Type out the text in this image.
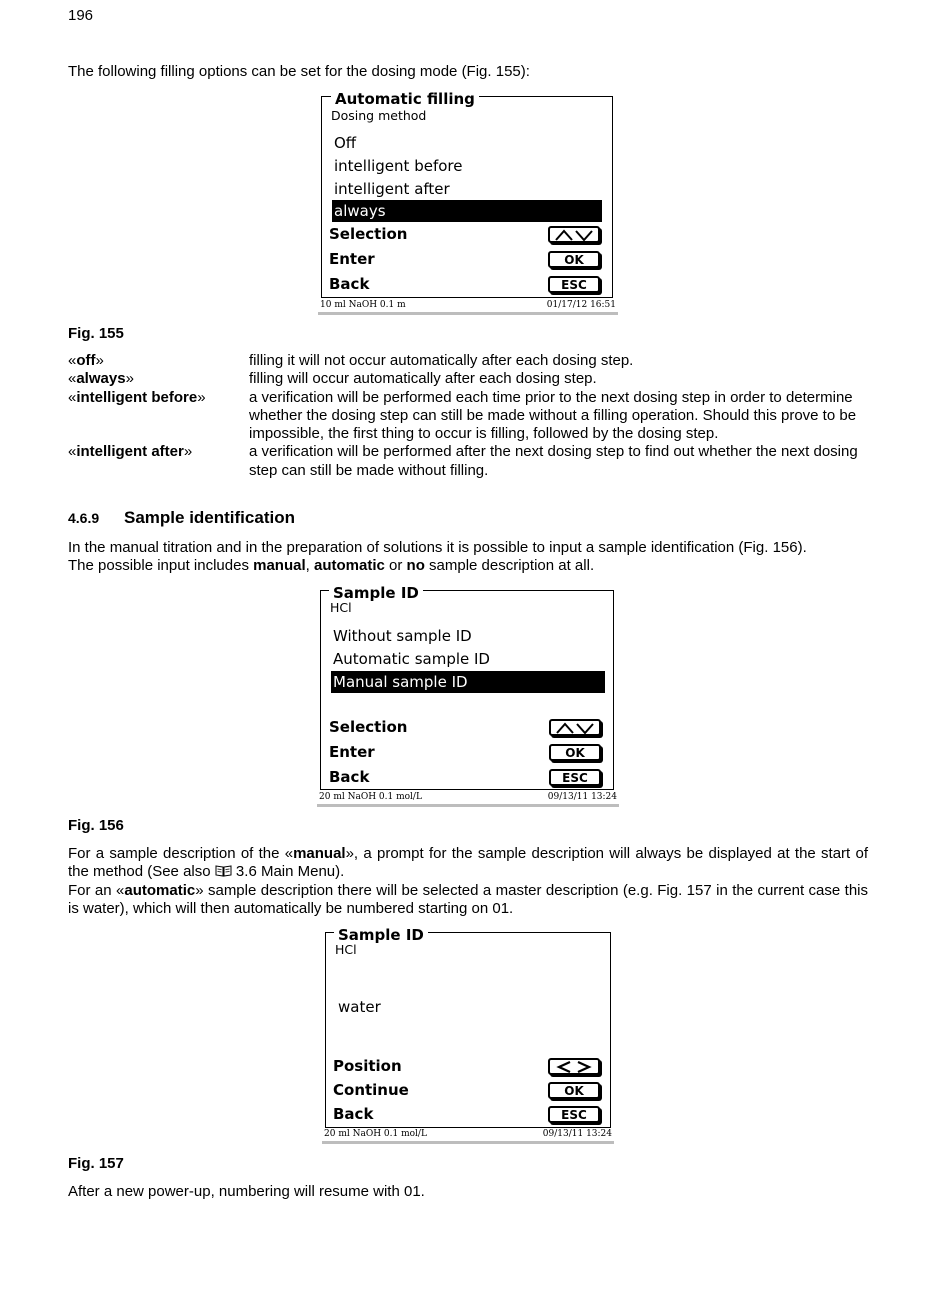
196
The following filling options can be set for the dosing mode (Fig. 155):
Automatic filling
Dosing method
Off
intelligent before
intelligent after
always
Selection
Enter	OK
Back	ESC
10 ml NaOH 0.1 m	01/17/12 16:51
Fig. 155
«off»	filling it will not occur automatically after each dosing step.
«always»	filling will occur automatically after each dosing step.
«intelligent before»	a verification will be performed each time prior to the next dosing step in order to determine whether the dosing step can still be made without a filling operation. Should this prove to be impossible, the first thing to occur is filling, followed by the dosing step.
«intelligent after»	a verification will be performed after the next dosing step to find out whether the next dosing step can still be made without filling.
4.6.9 Sample identification
In the manual titration and in the preparation of solutions it is possible to input a sample identification (Fig. 156).
The possible input includes manual, automatic or no sample description at all.
Sample ID
HCl
Without sample ID
Automatic sample ID
Manual sample ID
Selection
Enter	OK
Back	ESC
20 ml NaOH 0.1 mol/L	09/13/11 13:24
Fig. 156
For a sample description of the «manual», a prompt for the sample description will always be displayed at the start of the method (See also  3.6 Main Menu).
For an «automatic» sample description there will be selected a master description (e.g. Fig. 157 in the current case this is water), which will then automatically be numbered starting on 01.
Sample ID
HCl
water
Position
Continue	OK
Back	ESC
20 ml NaOH 0.1 mol/L	09/13/11 13:24
Fig. 157
After a new power-up, numbering will resume with 01.
